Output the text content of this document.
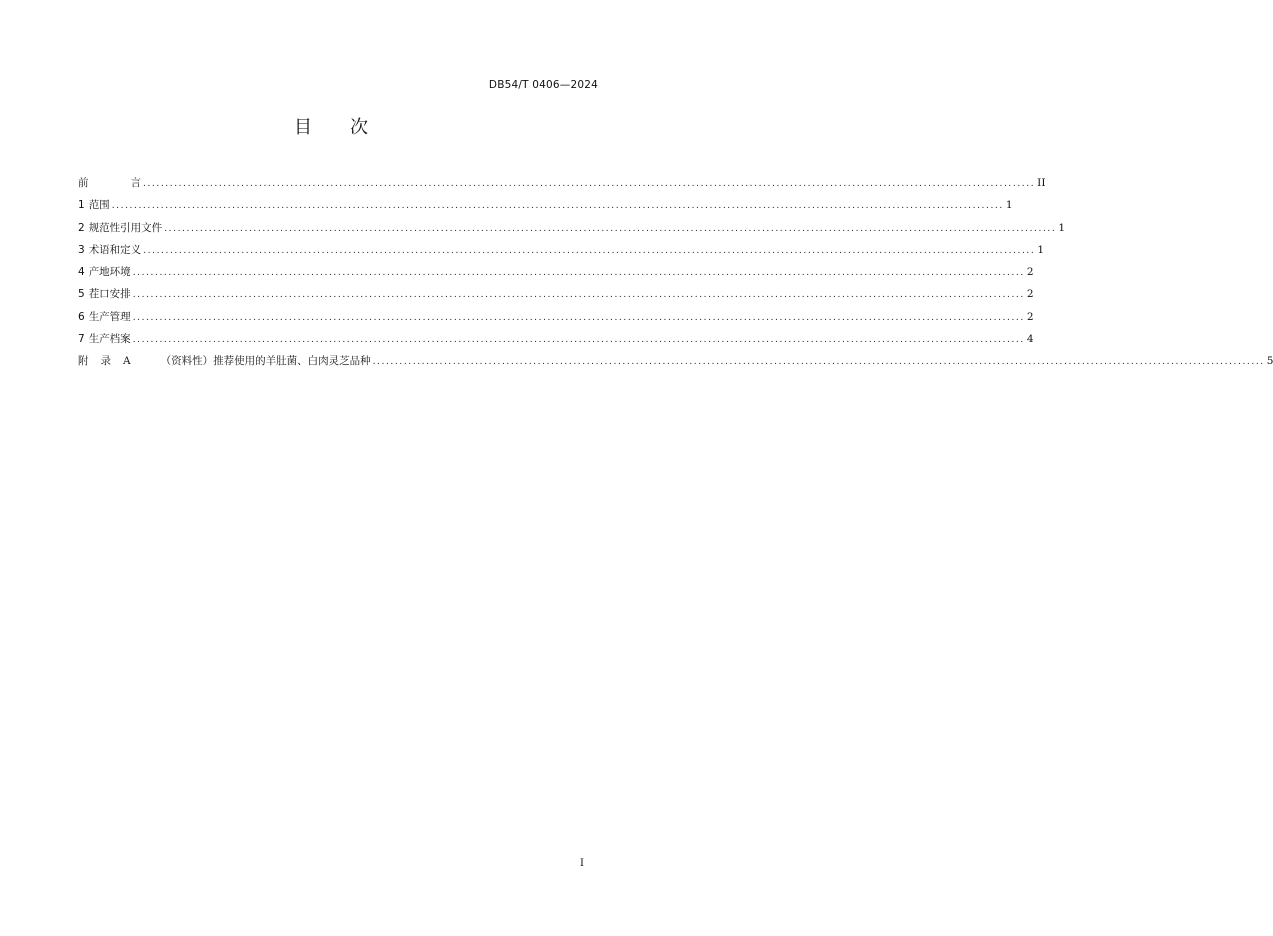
DB54/T 0406—2024
目 次
前	言 ........................................................................................................................................................................................................ II
1 范围 ........................................................................................................................................................................................................ 1
2 规范性引用文件 ........................................................................................................................................................................................................ 1
3 术语和定义 ........................................................................................................................................................................................................ 1
4 产地环境 ........................................................................................................................................................................................................ 2
5 茬口安排 ........................................................................................................................................................................................................ 2
6 生产管理 ........................................................................................................................................................................................................ 2
7 生产档案 ........................................................................................................................................................................................................ 4
附 录 A	（资料性）推荐使用的羊肚菌、白肉灵芝品种 ........................................................................................................................................................................................................ 5
I
